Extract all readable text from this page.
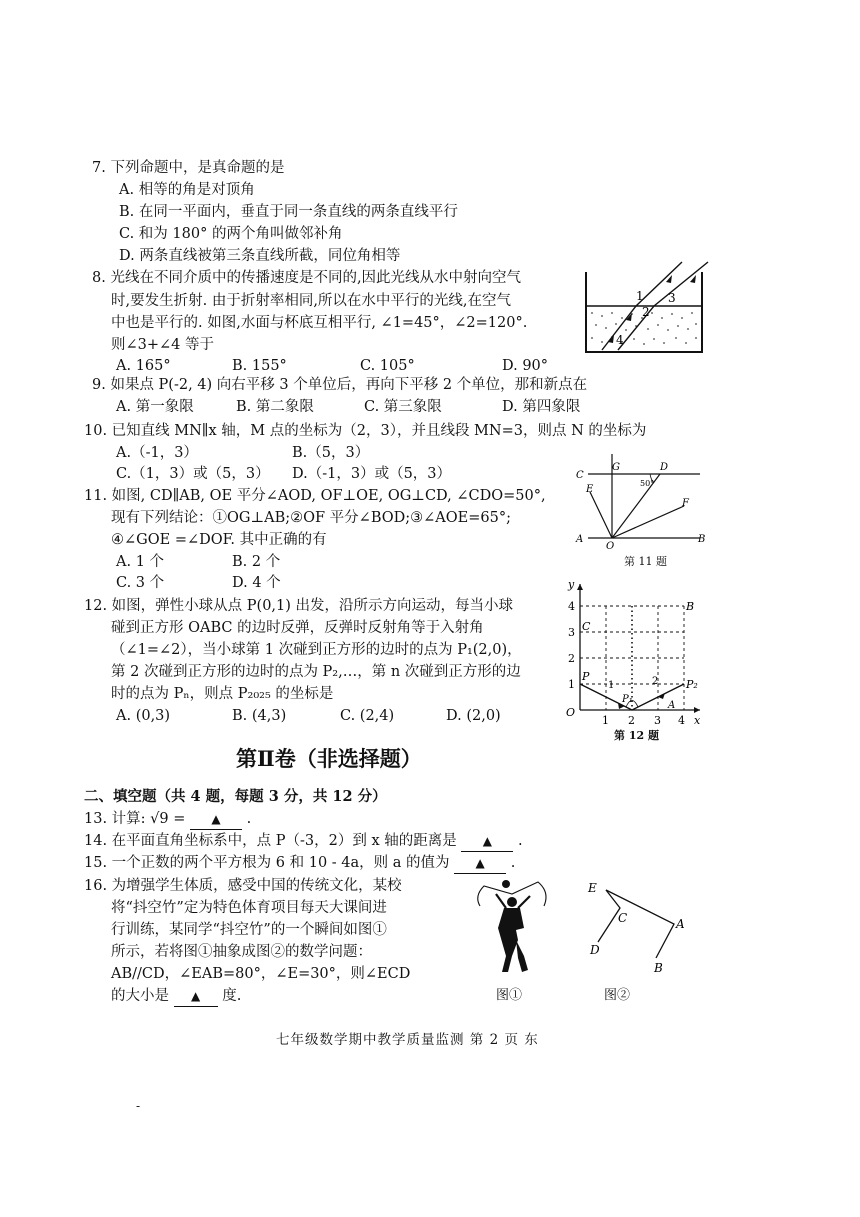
7. 下列命题中，是真命题的是
A. 相等的角是对顶角
B. 在同一平面内，垂直于同一条直线的两条直线平行
C. 和为 180° 的两个角叫做邻补角
D. 两条直线被第三条直线所截，同位角相等
8. 光线在不同介质中的传播速度是不同的,因此光线从水中射向空气
时,要发生折射. 由于折射率相同,所以在水中平行的光线,在空气
中也是平行的. 如图,水面与杯底互相平行, ∠1=45°，∠2=120°.
则∠3+∠4 等于
A. 165°	B. 155°	C. 105°	D. 90°
1 3
2
4
9. 如果点 P(-2, 4) 向右平移 3 个单位后，再向下平移 2 个单位，那和新点在
A. 第一象限	B. 第二象限	C. 第三象限	D. 第四象限
10. 已知直线 MN∥x 轴，M 点的坐标为（2，3），并且线段 MN=3，则点 N 的坐标为
A.（-1，3）	B.（5，3）
C.（1，3）或（5，3） D.（-1，3）或（5，3）
11. 如图, CD∥AB, OE 平分∠AOD, OF⊥OE, OG⊥CD, ∠CDO=50°,
现有下列结论：①OG⊥AB;②OF 平分∠BOD;③∠AOE=65°;
④∠GOE =∠DOF. 其中正确的有
A. 1 个	B. 2 个
C. 3 个	D. 4 个
C
G	D
50°
E
F
A
O
B
第 11 题
12. 如图，弹性小球从点 P(0,1) 出发，沿所示方向运动，每当小球
碰到正方形 OABC 的边时反弹，反弹时反射角等于入射角
（∠1=∠2），当小球第 1 次碰到正方形的边时的点为 P₁(2,0)，
第 2 次碰到正方形的边时的点为 P₂,…，第 n 次碰到正方形的边
时的点为 Pₙ，则点 P₂₀₂₅ 的坐标是
A. (0,3)	B. (4,3)	C. (2,4)	D. (2,0)
y
4
3
2
1
O
1 2 3 4 x
C
B
P
1	2
P₁
P₂
A
第 12 题
第Ⅱ卷（非选择题）
二、填空题（共 4 题，每题 3 分，共 12 分）
13. 计算: √9 = ▲ .
14. 在平面直角坐标系中，点 P（-3，2）到 x 轴的距离是 ▲ .
15. 一个正数的两个平方根为 6 和 10 - 4a，则 a 的值为 ▲ .
16. 为增强学生体质，感受中国的传统文化，某校
将“抖空竹”定为特色体育项目每天大课间进
行训练，某同学“抖空竹”的一个瞬间如图①
所示，若将图①抽象成图②的数学问题：
AB//CD，∠EAB=80°，∠E=30°，则∠ECD
的大小是 ▲ 度.	图①
E
C	A
D
B
图②
七年级数学期中教学质量监测 第 2 页 东
-
